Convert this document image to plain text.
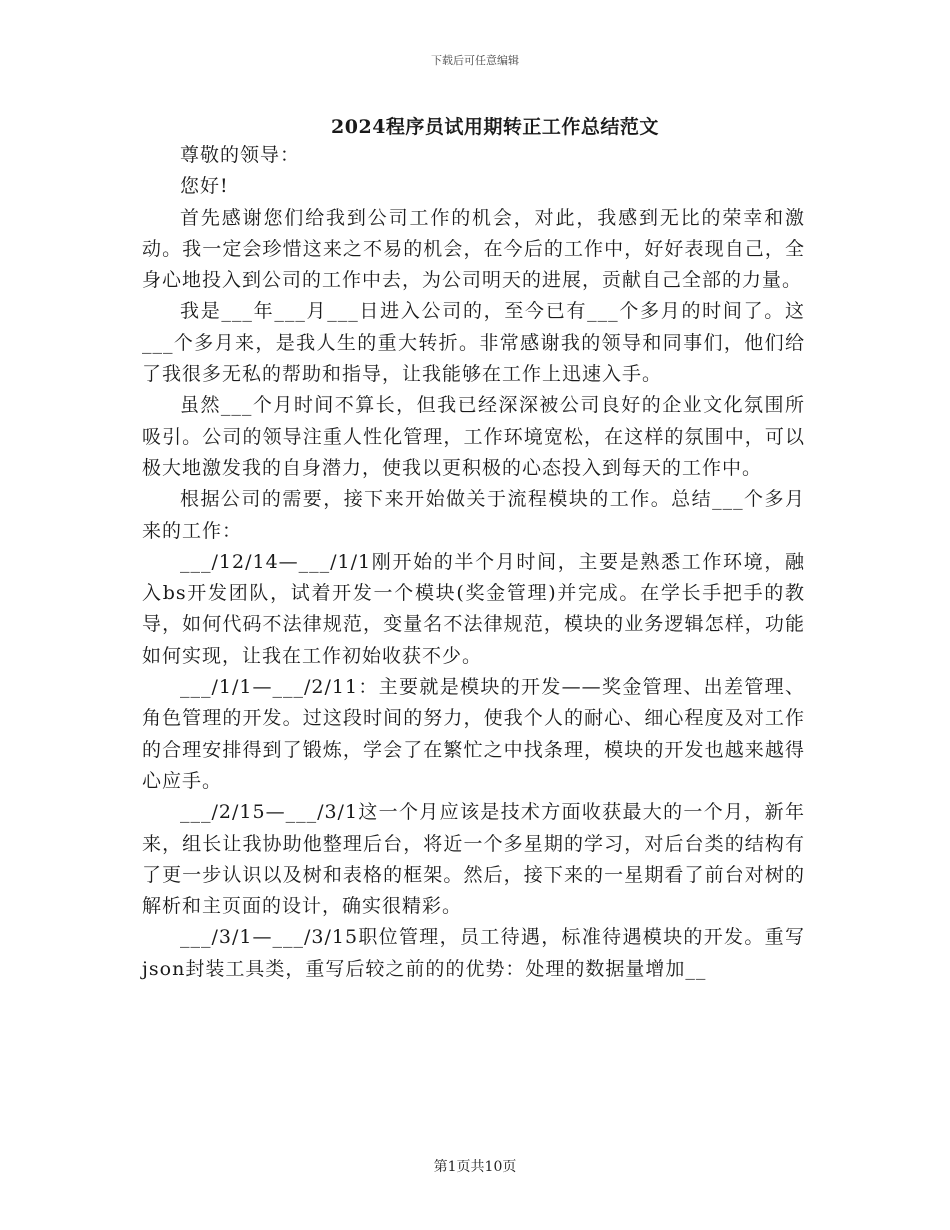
下载后可任意编辑
2024程序员试用期转正工作总结范文

尊敬的领导：

您好!

首先感谢您们给我到公司工作的机会，对此，我感到无比的荣幸和激动。我一定会珍惜这来之不易的机会，在今后的工作中，好好表现自己，全身心地投入到公司的工作中去，为公司明天的进展，贡献自己全部的力量。

我是___年___月___日进入公司的，至今已有___个多月的时间了。这___个多月来，是我人生的重大转折。非常感谢我的领导和同事们，他们给了我很多无私的帮助和指导，让我能够在工作上迅速入手。

虽然___个月时间不算长，但我已经深深被公司良好的企业文化氛围所吸引。公司的领导注重人性化管理，工作环境宽松，在这样的氛围中，可以极大地激发我的自身潜力，使我以更积极的心态投入到每天的工作中。

根据公司的需要，接下来开始做关于流程模块的工作。总结___个多月来的工作：

___/12/14—___/1/1刚开始的半个月时间，主要是熟悉工作环境，融入bs开发团队，试着开发一个模块(奖金管理)并完成。在学长手把手的教导，如何代码不法律规范，变量名不法律规范，模块的业务逻辑怎样，功能如何实现，让我在工作初始收获不少。

___/1/1—___/2/11：主要就是模块的开发——奖金管理、出差管理、角色管理的开发。过这段时间的努力，使我个人的耐心、细心程度及对工作的合理安排得到了锻炼，学会了在繁忙之中找条理，模块的开发也越来越得心应手。

___/2/15—___/3/1这一个月应该是技术方面收获最大的一个月，新年来，组长让我协助他整理后台，将近一个多星期的学习，对后台类的结构有了更一步认识以及树和表格的框架。然后，接下来的一星期看了前台对树的解析和主页面的设计，确实很精彩。

___/3/1—___/3/15职位管理，员工待遇，标准待遇模块的开发。重写json封装工具类，重写后较之前的的优势：处理的数据量增加__

第1页共10页
